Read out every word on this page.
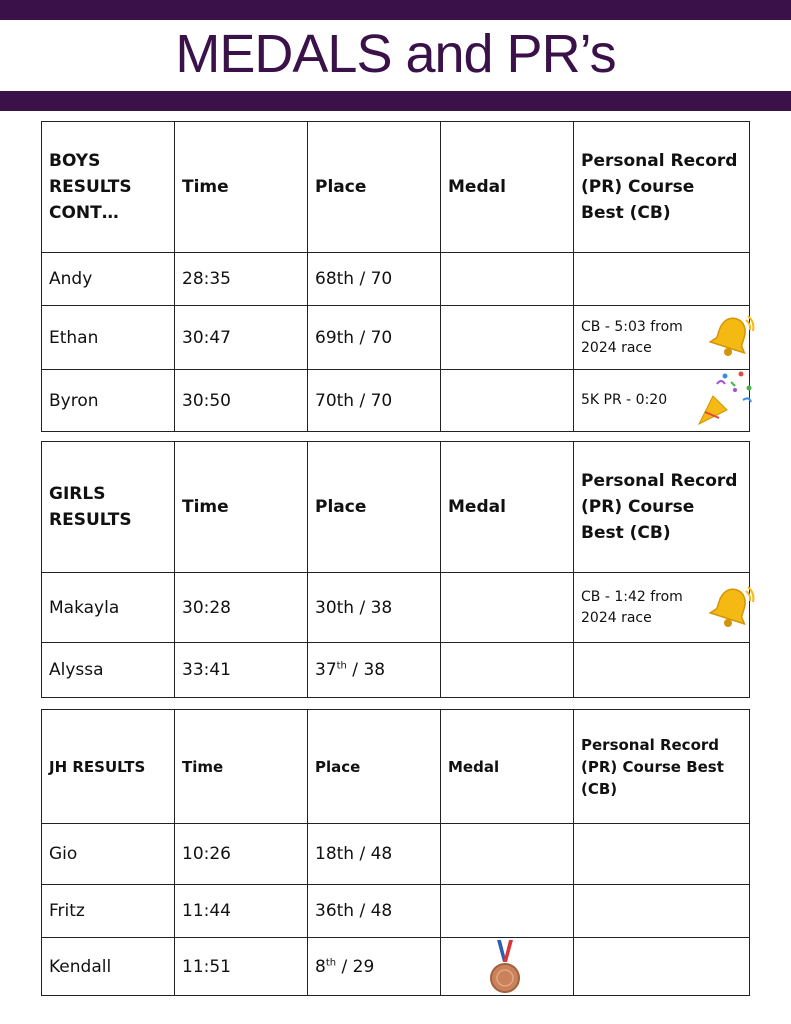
MEDALS and PR’s
BOYS RESULTS CONT…	Time	Place	Medal	Personal Record (PR) Course Best (CB)
Andy	28:35	68th / 70		
Ethan	30:47	69th / 70		CB - 5:03 from 2024 race

Byron	30:50	70th / 70		5K PR - 0:20
GIRLS RESULTS	Time	Place	Medal	Personal Record (PR) Course Best (CB)
Makayla	30:28	30th / 38		CB - 1:42 from 2024 race

Alyssa	33:41	37th / 38		
JH RESULTS	Time	Place	Medal	Personal Record (PR) Course Best (CB)
Gio	10:26	18th / 48		
Fritz	11:44	36th / 48		
Kendall	11:51	8th / 29	
